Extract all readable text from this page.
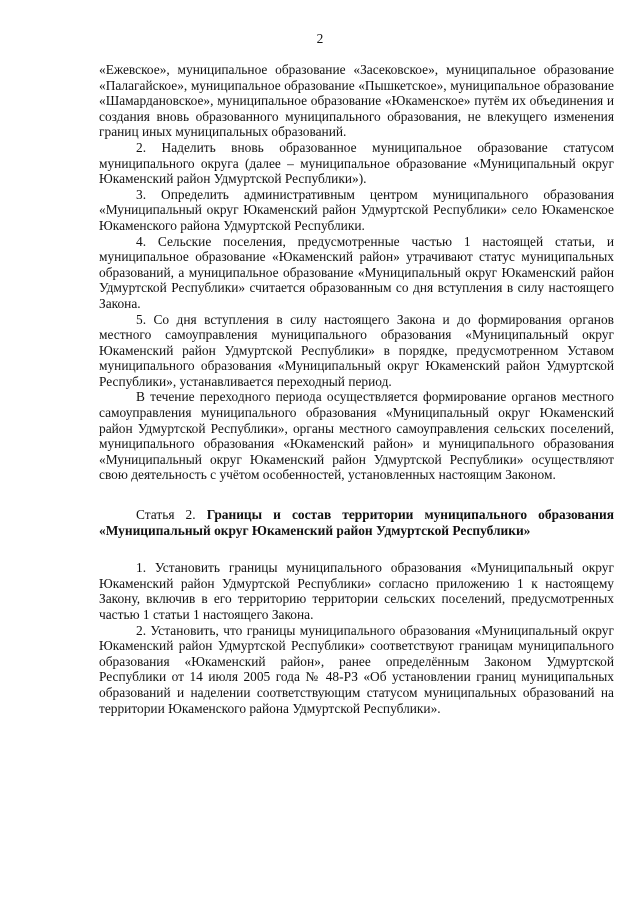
2

«Ежевское», муниципальное образование «Засековское», муниципальное образование «Палагайское», муниципальное образование «Пышкетское», муниципальное образование «Шамардановское», муниципальное образование «Юкаменское» путём их объединения и создания вновь образованного муниципального образования, не влекущего изменения границ иных муниципальных образований.

2. Наделить вновь образованное муниципальное образование статусом муниципального округа (далее – муниципальное образование «Муниципальный округ Юкаменский район Удмуртской Республики»).

3. Определить административным центром муниципального образования «Муниципальный округ Юкаменский район Удмуртской Республики» село Юкаменское Юкаменского района Удмуртской Республики.

4. Сельские поселения, предусмотренные частью 1 настоящей статьи, и муниципальное образование «Юкаменский район» утрачивают статус муниципальных образований, а муниципальное образование «Муниципальный округ Юкаменский район Удмуртской Республики» считается образованным со дня вступления в силу настоящего Закона.

5. Со дня вступления в силу настоящего Закона и до формирования органов местного самоуправления муниципального образования «Муниципальный округ Юкаменский район Удмуртской Республики» в порядке, предусмотренном Уставом муниципального образования «Муниципальный округ Юкаменский район Удмуртской Республики», устанавливается переходный период.

В течение переходного периода осуществляется формирование органов местного самоуправления муниципального образования «Муниципальный округ Юкаменский район Удмуртской Республики», органы местного самоуправления сельских поселений, муниципального образования «Юкаменский район» и муниципального образования «Муниципальный округ Юкаменский район Удмуртской Республики» осуществляют свою деятельность с учётом особенностей, установленных настоящим Законом.

Статья 2. Границы и состав территории муниципального образования «Муниципальный округ Юкаменский район Удмуртской Республики»

1. Установить границы муниципального образования «Муниципальный округ Юкаменский район Удмуртской Республики» согласно приложению 1 к настоящему Закону, включив в его территорию территории сельских поселений, предусмотренных частью 1 статьи 1 настоящего Закона.

2. Установить, что границы муниципального образования «Муниципальный округ Юкаменский район Удмуртской Республики» соответствуют границам муниципального образования «Юкаменский район», ранее определённым Законом Удмуртской Республики от 14 июля 2005 года № 48-РЗ «Об установлении границ муниципальных образований и наделении соответствующим статусом муниципальных образований на территории Юкаменского района Удмуртской Республики».
